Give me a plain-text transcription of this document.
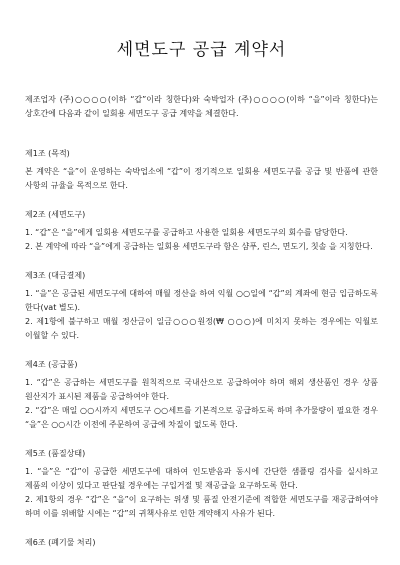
세면도구 공급 계약서

제조업자 (주)○○○○(이하 “갑”이라 칭한다)와 숙박업자 (주)○○○○(이하 “을”이라 칭한다)는 상호간에 다음과 같이 일회용 세면도구 공급 계약을 체결한다.

제1조 (목적)

본 계약은 “을”이 운영하는 숙박업소에 “갑”이 정기적으로 일회용 세면도구를 공급 및 반품에 관한 사항의 규율을 목적으로 한다.

제2조 (세면도구)

1. “갑”은 “을”에게 일회용 세면도구를 공급하고 사용한 일회용 세면도구의 회수를 담당한다.

2. 본 계약에 따라 “을”에게 공급하는 일회용 세면도구라 함은 샴푸, 린스, 면도기, 칫솔 을 지칭한다.

제3조 (대금결제)

1. “을”은 공급된 세면도구에 대하여 매월 정산을 하여 익월 ○○일에 “갑”의 계좌에 현금 입금하도록 한다(vat 별도).

2. 제1항에 불구하고 매월 정산금이 일금○○○원정(₩ ○○○)에 미치지 못하는 경우에는 익월로 이월할 수 있다.

제4조 (공급품)

1. “갑”은 공급하는 세면도구를 원칙적으로 국내산으로 공급하여야 하며 해외 생산품인 경우 상품 원산지가 표시된 제품을 공급하여야 한다.

2. “갑”은 매일 ○○시까지 세면도구 ○○세트를 기본적으로 공급하도록 하며 추가물량이 필요한 경우 “을”은 ○○시간 이전에 주문하여 공급에 차질이 없도록 한다.

제5조 (품질상태)

1. “을”은 “갑”이 공급한 세면도구에 대하여 인도받음과 동시에 간단한 샘플링 검사를 실시하고 제품의 이상이 있다고 판단될 경우에는 구입거절 및 재공급을 요구하도록 한다.

2. 제1항의 경우 “갑”은 “을”이 요구하는 위생 및 품질 안전기준에 적합한 세면도구를 재공급하여야 하며 이를 위배할 시에는 “갑”의 귀책사유로 인한 계약해지 사유가 된다.

제6조 (폐기물 처리)
